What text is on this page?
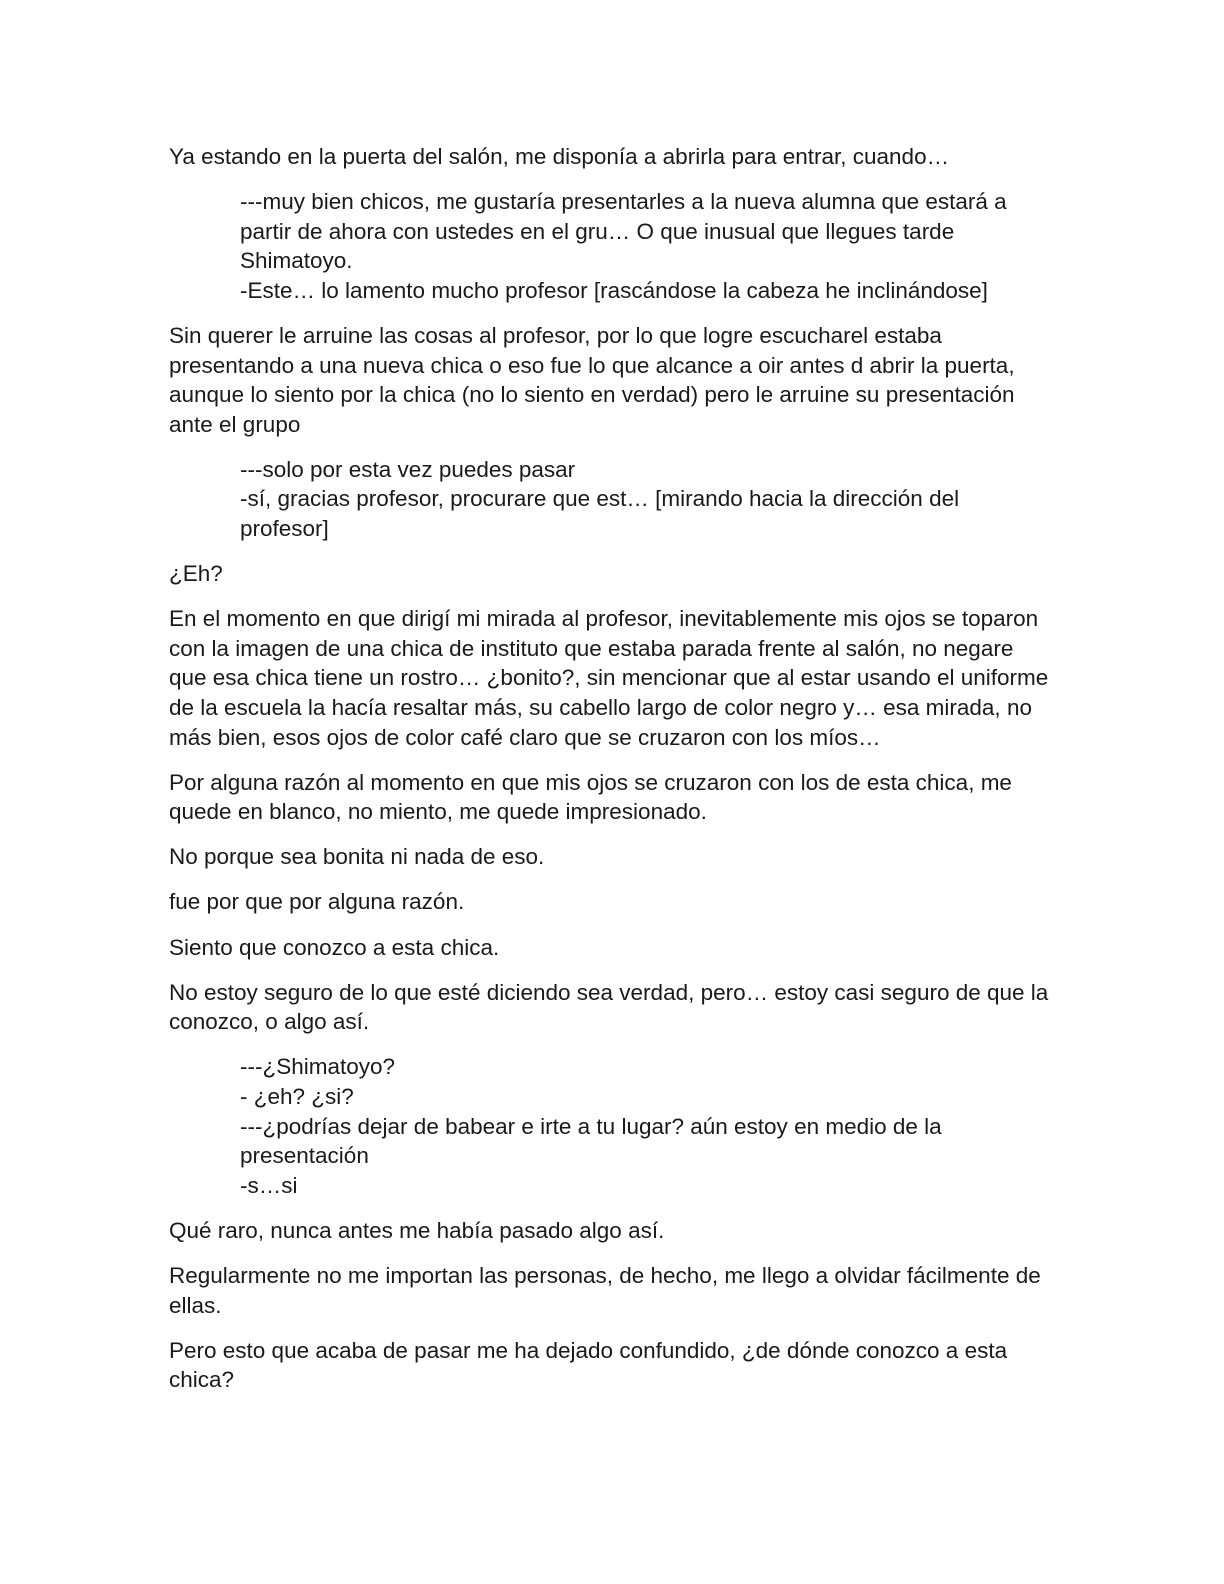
Ya estando en la puerta del salón, me disponía a abrirla para entrar, cuando…

---muy bien chicos, me gustaría presentarles a la nueva alumna que estará a partir de ahora con ustedes en el gru… O que inusual que llegues tarde Shimatoyo.
-Este… lo lamento mucho profesor [rascándose la cabeza he inclinándose]

Sin querer le arruine las cosas al profesor, por lo que logre escucharel estaba presentando a una nueva chica o eso fue lo que alcance a oir antes d abrir la puerta, aunque lo siento por la chica (no lo siento en verdad) pero le arruine su presentación ante el grupo

---solo por esta vez puedes pasar
-sí, gracias profesor, procurare que est… [mirando hacia la dirección del profesor]

¿Eh?

En el momento en que dirigí mi mirada al profesor, inevitablemente mis ojos se toparon con la imagen de una chica de instituto que estaba parada frente al salón, no negare que esa chica tiene un rostro… ¿bonito?, sin mencionar que al estar usando el uniforme de la escuela la hacía resaltar más, su cabello largo de color negro y… esa mirada, no más bien, esos ojos de color café claro que se cruzaron con los míos…

Por alguna razón al momento en que mis ojos se cruzaron con los de esta chica, me quede en blanco, no miento, me quede impresionado.

No porque sea bonita ni nada de eso.

fue por que por alguna razón.

Siento que conozco a esta chica.

No estoy seguro de lo que esté diciendo sea verdad, pero… estoy casi seguro de que la conozco, o algo así.

---¿Shimatoyo?
- ¿eh? ¿si?
---¿podrías dejar de babear e irte a tu lugar? aún estoy en medio de la presentación
-s…si

Qué raro, nunca antes me había pasado algo así.

Regularmente no me importan las personas, de hecho, me llego a olvidar fácilmente de ellas.

Pero esto que acaba de pasar me ha dejado confundido, ¿de dónde conozco a esta chica?
